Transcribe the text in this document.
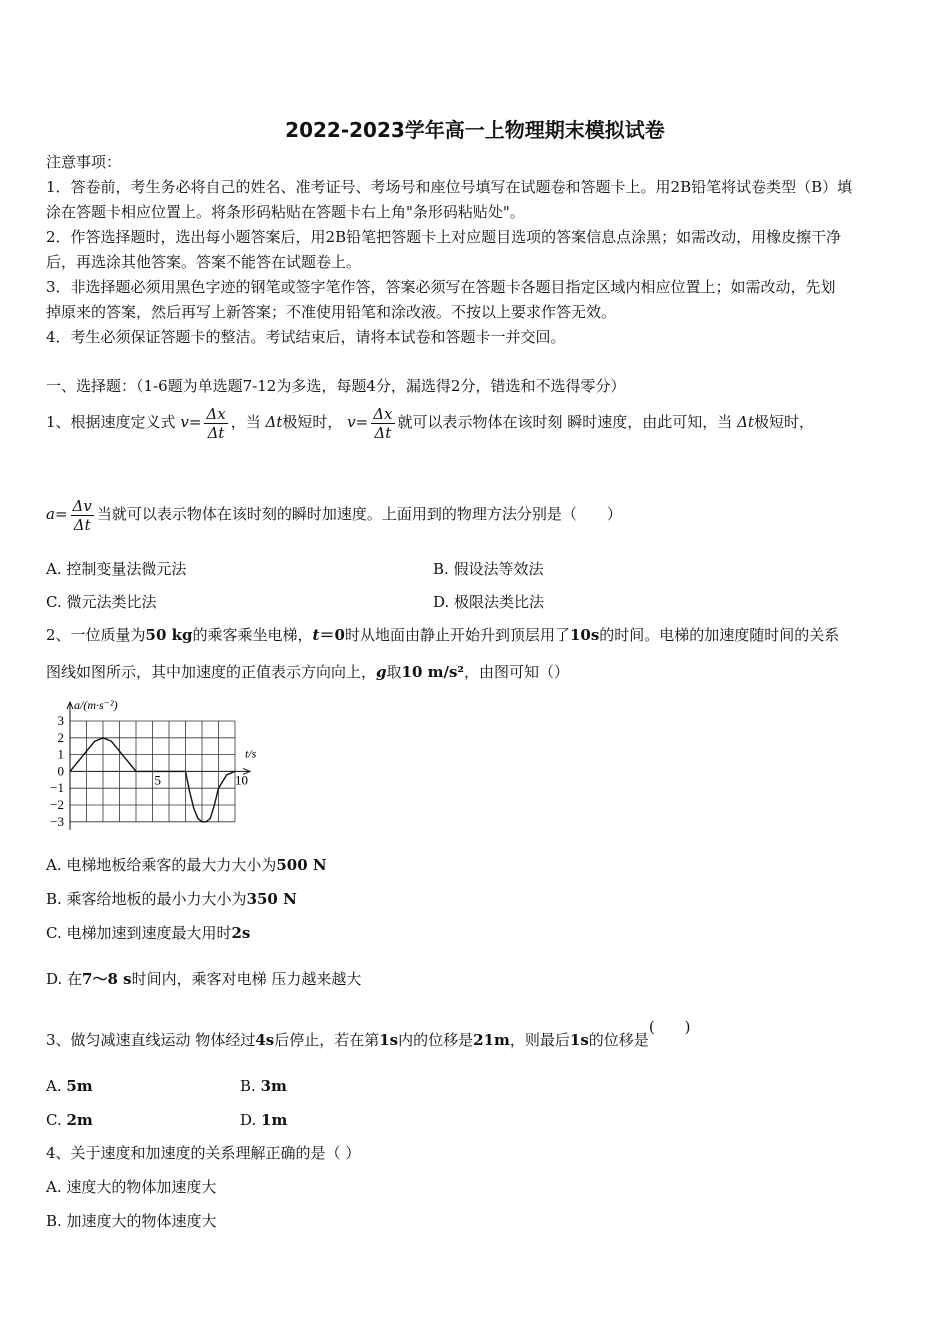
2022-2023学年高一上物理期末模拟试卷
注意事项：
1．答卷前，考生务必将自己的姓名、准考证号、考场号和座位号填写在试题卷和答题卡上。用2B铅笔将试卷类型（B）填
涂在答题卡相应位置上。将条形码粘贴在答题卡右上角"条形码粘贴处"。
2．作答选择题时，选出每小题答案后，用2B铅笔把答题卡上对应题目选项的答案信息点涂黑；如需改动，用橡皮擦干净
后，再选涂其他答案。答案不能答在试题卷上。
3．非选择题必须用黑色字迹的钢笔或签字笔作答，答案必须写在答题卡各题目指定区域内相应位置上；如需改动，先划
掉原来的答案，然后再写上新答案；不准使用铅笔和涂改液。不按以上要求作答无效。
4．考生必须保证答题卡的整洁。考试结束后，请将本试卷和答题卡一并交回。
一、选择题：（1-6题为单选题7-12为多选，每题4分，漏选得2分，错选和不选得零分）
1、根据速度定义式 $v= \frac{\Delta x}{\Delta t}$ ，当 Δt极短时， $v= \frac{\Delta x}{\Delta t}$ 就可以表示物体在该时刻 瞬时速度，由此可知，当 Δt极短时，
$a= \frac{\Delta v}{\Delta t}$ 当就可以表示物体在该时刻的瞬时加速度。上面用到的物理方法分别是（　　）
A. 控制变量法微元法	B. 假设法等效法
C. 微元法类比法	D. 极限法类比法
2、一位质量为50 kg的乘客乘坐电梯，t＝0时从地面由静止开始升到顶层用了10s的时间。电梯的加速度随时间的关系
图线如图所示，其中加速度的正值表示方向向上，g取10 m/s²，由图可知（）
a/(m·s⁻²)
t/s
3
2
1
0
−1
−2
−3
5	10
A. 电梯地板给乘客的最大力大小为500 N
B. 乘客给地板的最小力大小为350 N
C. 电梯加速到速度最大用时2s
D. 在7～8 s时间内，乘客对电梯 压力越来越大
3、做匀减速直线运动 物体经过4s后停止，若在第1s内的位移是21m，则最后1s的位移是(　　)
A. 5m	B. 3m
C. 2m	D. 1m
4、关于速度和加速度的关系理解正确的是（ ）
A. 速度大的物体加速度大
B. 加速度大的物体速度大
